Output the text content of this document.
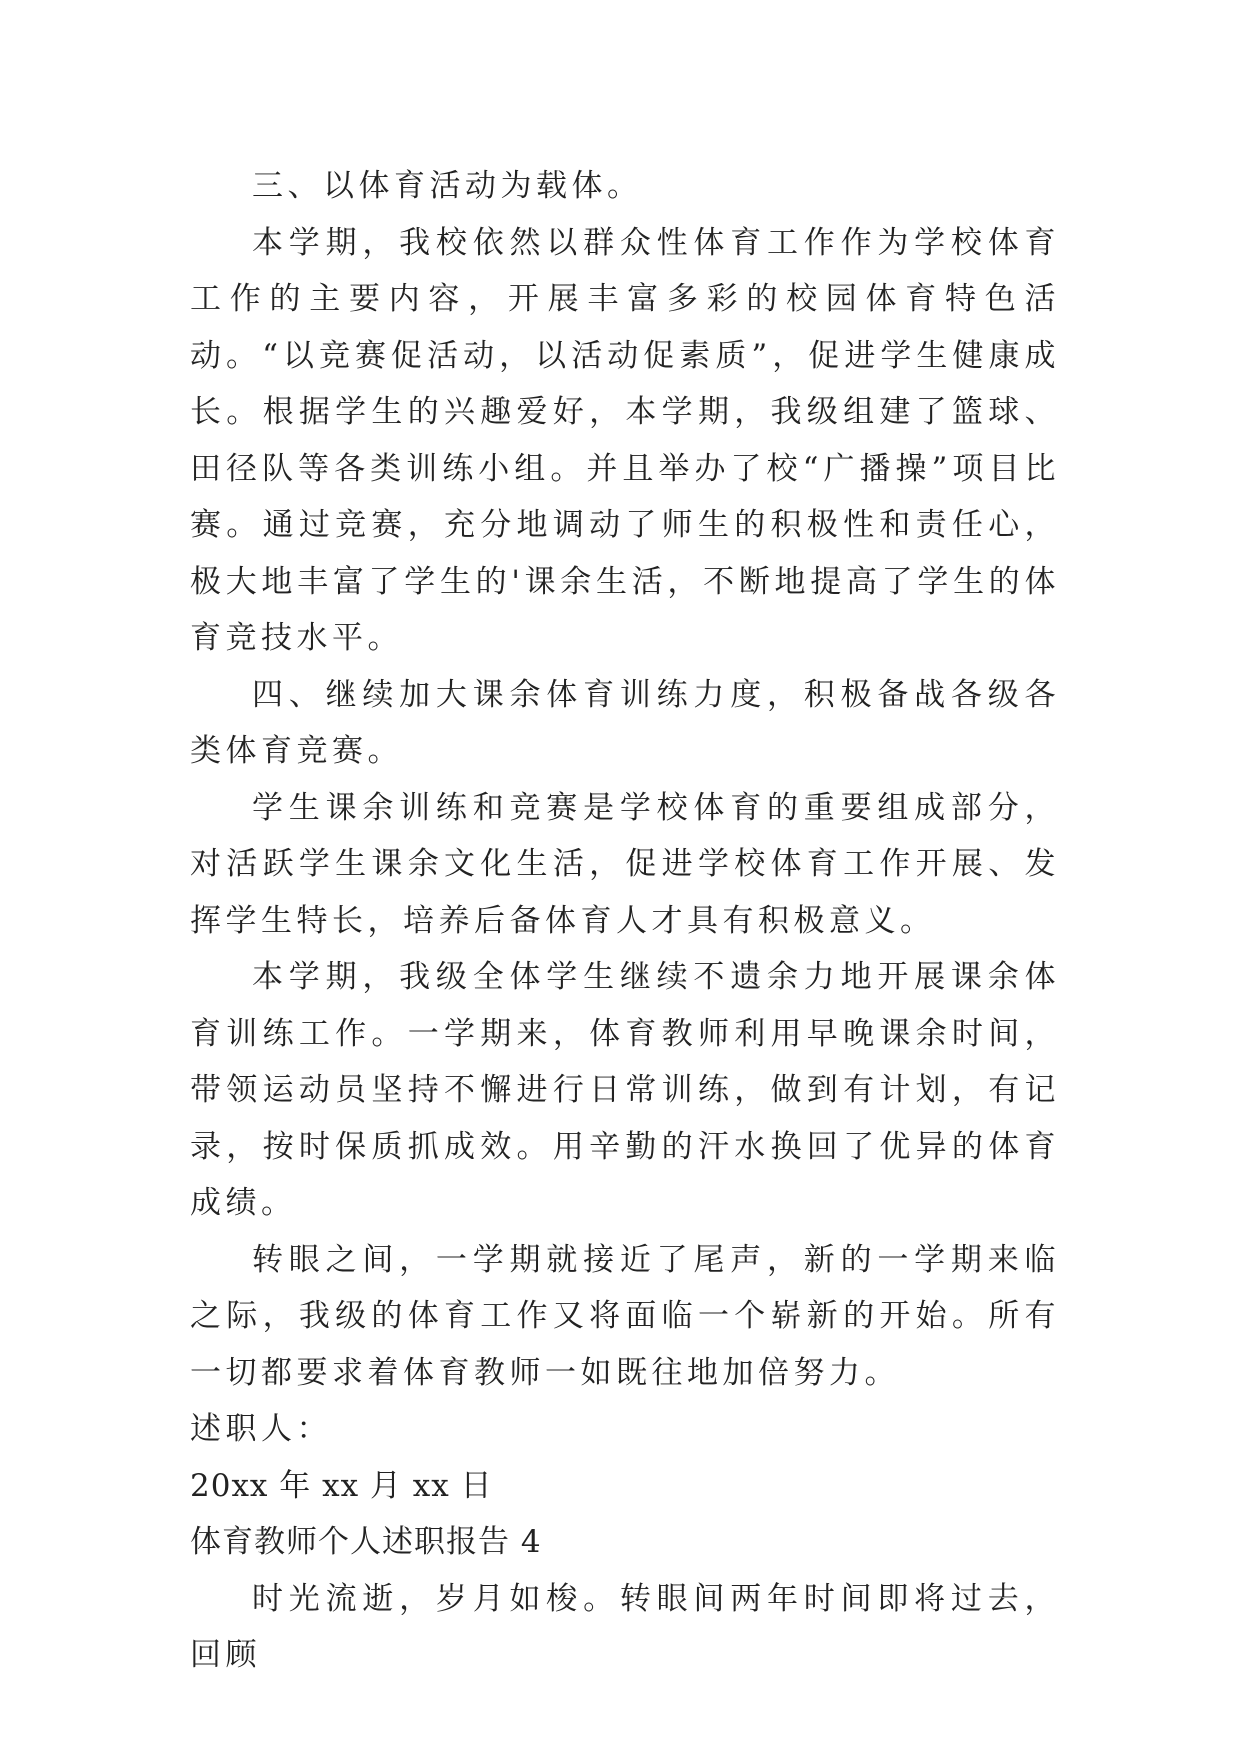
三、以体育活动为载体。

本学期，我校依然以群众性体育工作作为学校体育工作的主要内容，开展丰富多彩的校园体育特色活动。“以竞赛促活动，以活动促素质”，促进学生健康成长。根据学生的兴趣爱好，本学期，我级组建了篮球、田径队等各类训练小组。并且举办了校“广播操”项目比赛。通过竞赛，充分地调动了师生的积极性和责任心，极大地丰富了学生的'课余生活，不断地提高了学生的体育竞技水平。

四、继续加大课余体育训练力度，积极备战各级各类体育竞赛。

学生课余训练和竞赛是学校体育的重要组成部分，对活跃学生课余文化生活，促进学校体育工作开展、发挥学生特长，培养后备体育人才具有积极意义。

本学期，我级全体学生继续不遗余力地开展课余体育训练工作。一学期来，体育教师利用早晚课余时间，带领运动员坚持不懈进行日常训练，做到有计划，有记录，按时保质抓成效。用辛勤的汗水换回了优异的体育成绩。

转眼之间，一学期就接近了尾声，新的一学期来临之际，我级的体育工作又将面临一个崭新的开始。所有一切都要求着体育教师一如既往地加倍努力。

述职人：

20xx 年 xx 月 xx 日

体育教师个人述职报告 4

时光流逝，岁月如梭。转眼间两年时间即将过去，回顾
